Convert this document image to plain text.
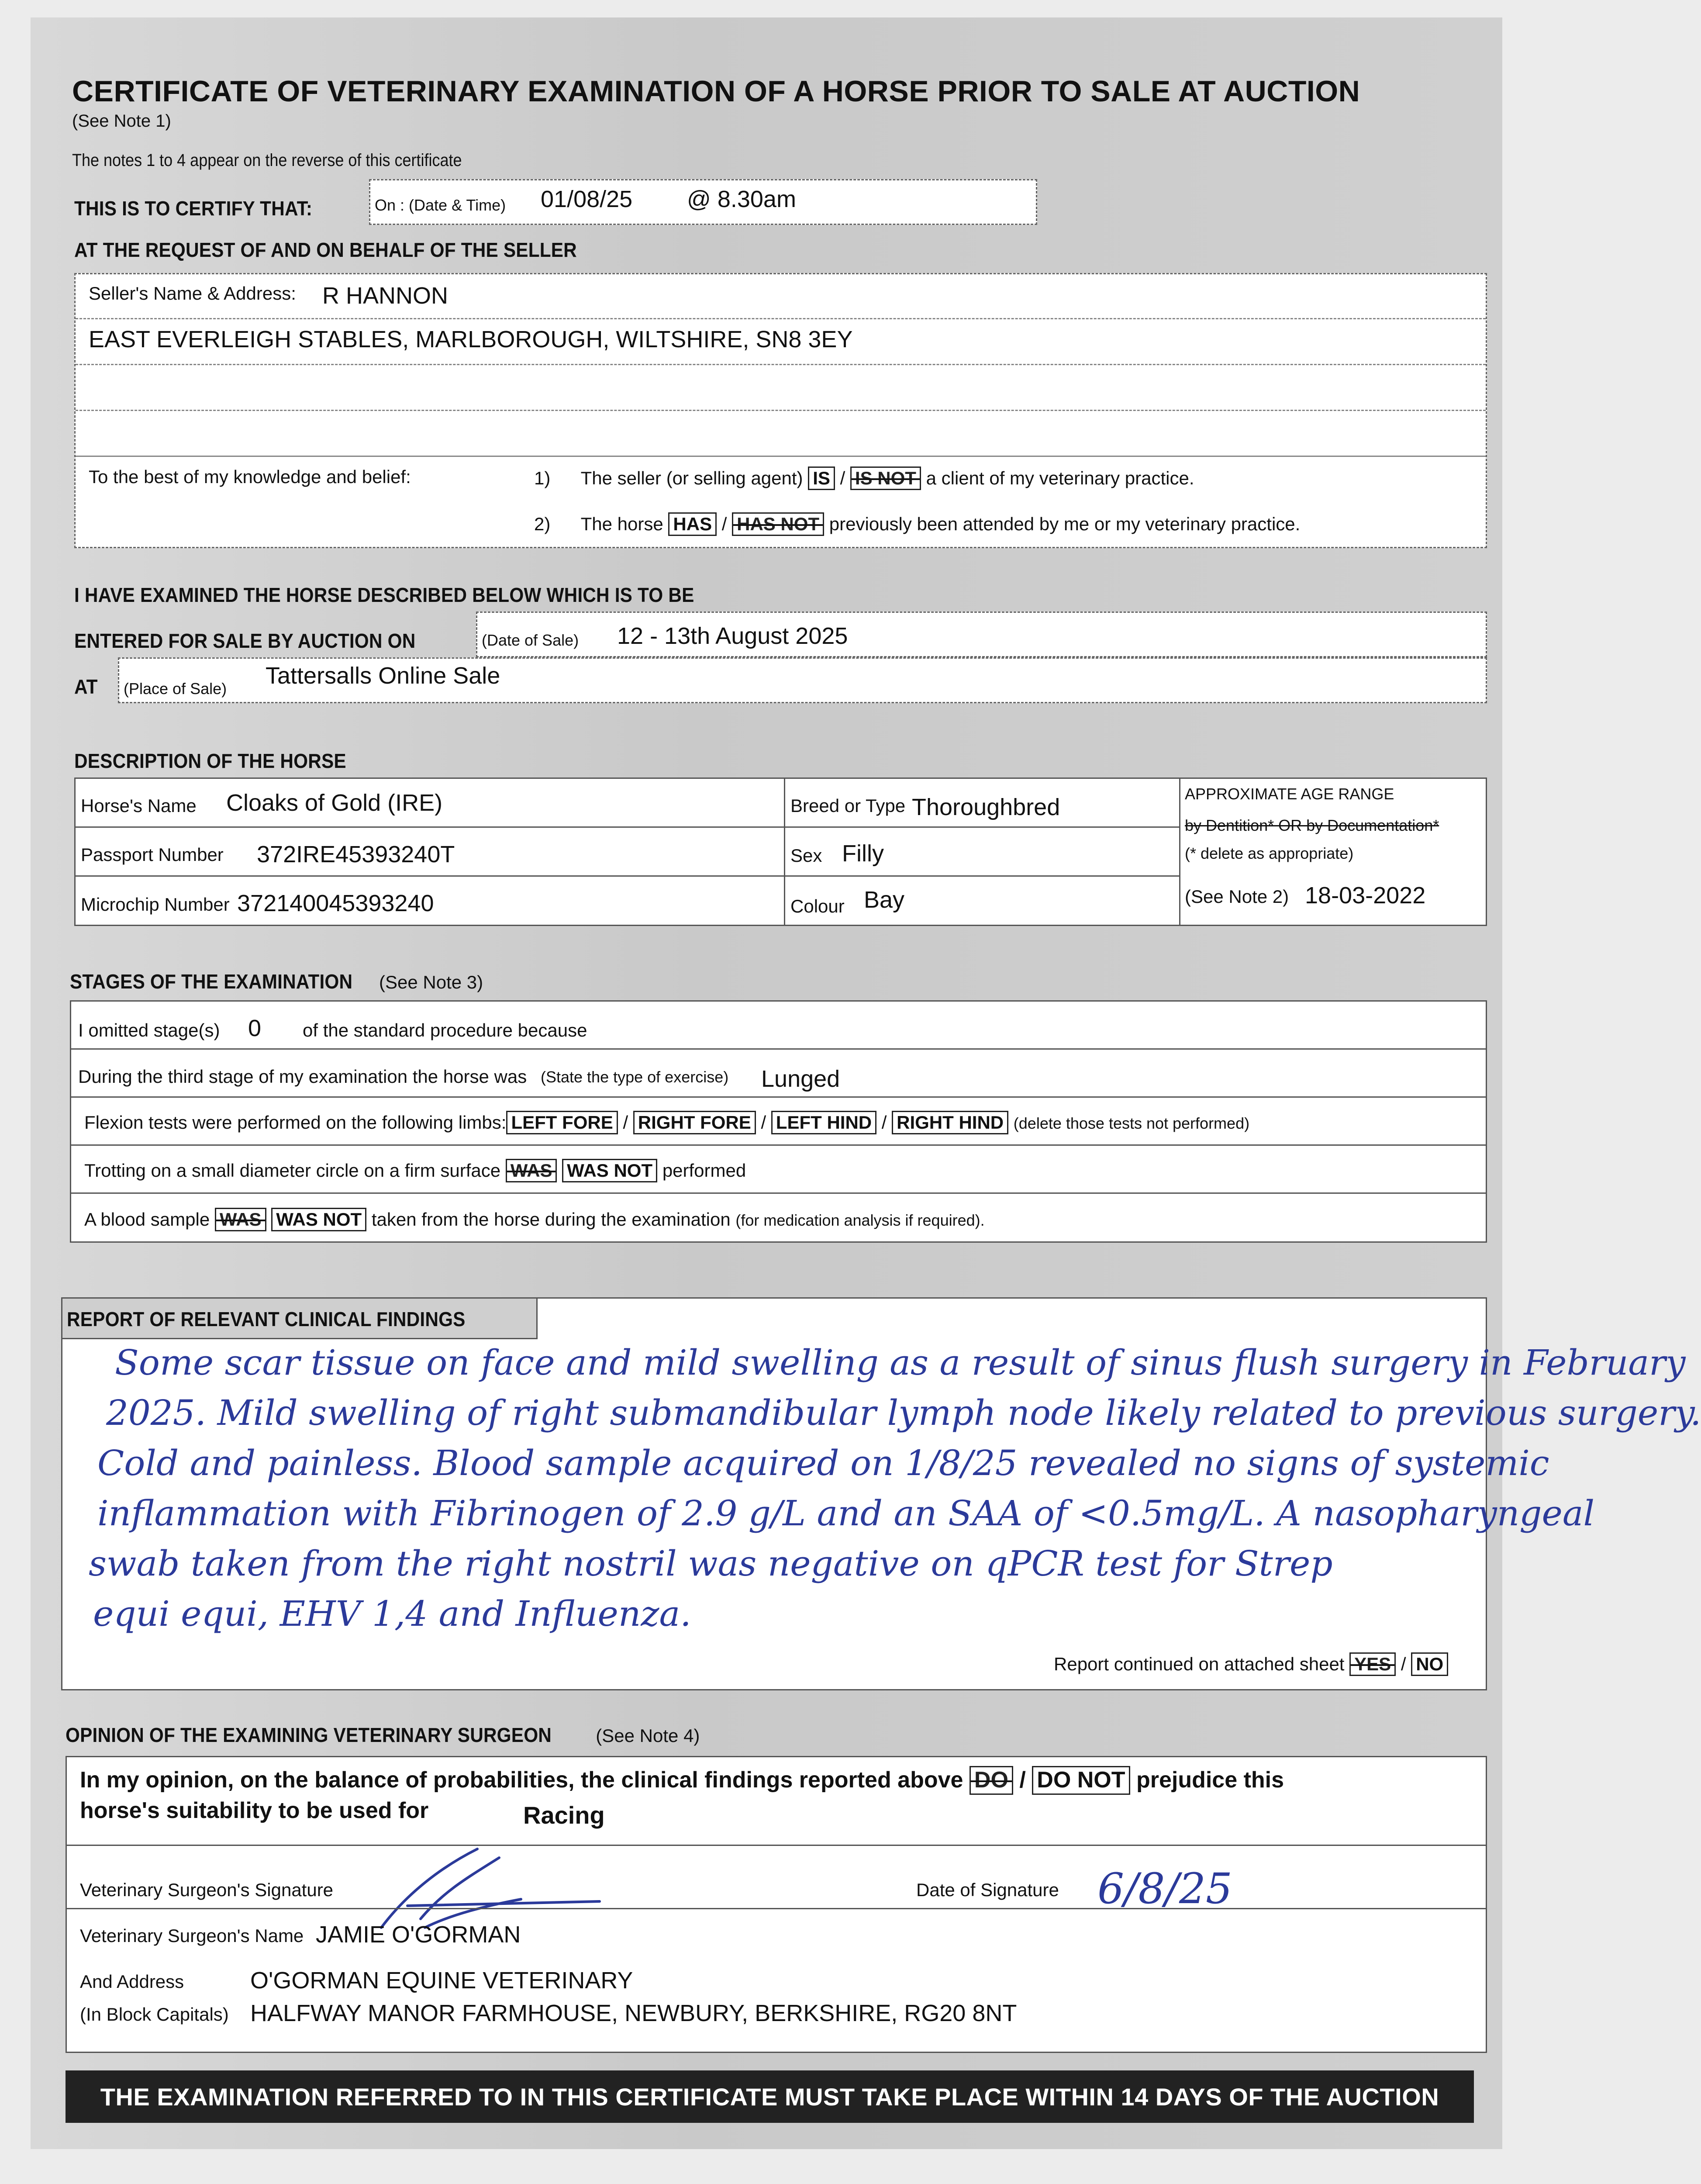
CERTIFICATE OF VETERINARY EXAMINATION OF A HORSE PRIOR TO SALE AT AUCTION
(See Note 1)
The notes 1 to 4 appear on the reverse of this certificate
THIS IS TO CERTIFY THAT:	On : (Date & Time) 01/08/25 @ 8.30am
AT THE REQUEST OF AND ON BEHALF OF THE SELLER
Seller's Name & Address: R HANNON
EAST EVERLEIGH STABLES, MARLBOROUGH, WILTSHIRE, SN8 3EY
To the best of my knowledge and belief:	1) The seller (or selling agent) IS / IS NOT a client of my veterinary practice.
2) The horse HAS / HAS NOT previously been attended by me or my veterinary practice.
I HAVE EXAMINED THE HORSE DESCRIBED BELOW WHICH IS TO BE
ENTERED FOR SALE BY AUCTION ON	(Date of Sale) 12 - 13th August 2025
AT (Place of Sale) Tattersalls Online Sale
DESCRIPTION OF THE HORSE
Horse's Name Cloaks of Gold (IRE)
Passport Number 372IRE45393240T
Microchip Number 372140045393240
Breed or Type Thoroughbred
Sex Filly
Colour Bay
APPROXIMATE AGE RANGE
by Dentition* OR by Documentation*
(* delete as appropriate)
(See Note 2) 18-03-2022
STAGES OF THE EXAMINATION (See Note 3)
I omitted stage(s) 0 of the standard procedure because
During the third stage of my examination the horse was (State the type of exercise) Lunged
Flexion tests were performed on the following limbs: LEFT FORE / RIGHT FORE / LEFT HIND / RIGHT HIND (delete those tests not performed)
Trotting on a small diameter circle on a firm surface WAS WAS NOT performed
A blood sample WAS WAS NOT taken from the horse during the examination (for medication analysis if required).
REPORT OF RELEVANT CLINICAL FINDINGS
Some scar tissue on face and mild swelling as a result of sinus flush surgery in February
2025. Mild swelling of right submandibular lymph node likely related to previous surgery.
Cold and painless. Blood sample acquired on 1/8/25 revealed no signs of systemic
inflammation with Fibrinogen of 2.9 g/L and an SAA of <0.5mg/L. A nasopharyngeal
swab taken from the right nostril was negative on qPCR test for Strep
equi equi, EHV 1,4 and Influenza.
Report continued on attached sheet YES / NO
OPINION OF THE EXAMINING VETERINARY SURGEON (See Note 4)
In my opinion, on the balance of probabilities, the clinical findings reported above DO / DO NOT prejudice this
horse's suitability to be used for	Racing
Veterinary Surgeon's Signature	Date of Signature 6/8/25
Veterinary Surgeon's Name JAMIE O'GORMAN
And Address	O'GORMAN EQUINE VETERINARY
(In Block Capitals) HALFWAY MANOR FARMHOUSE, NEWBURY, BERKSHIRE, RG20 8NT
THE EXAMINATION REFERRED TO IN THIS CERTIFICATE MUST TAKE PLACE WITHIN 14 DAYS OF THE AUCTION
